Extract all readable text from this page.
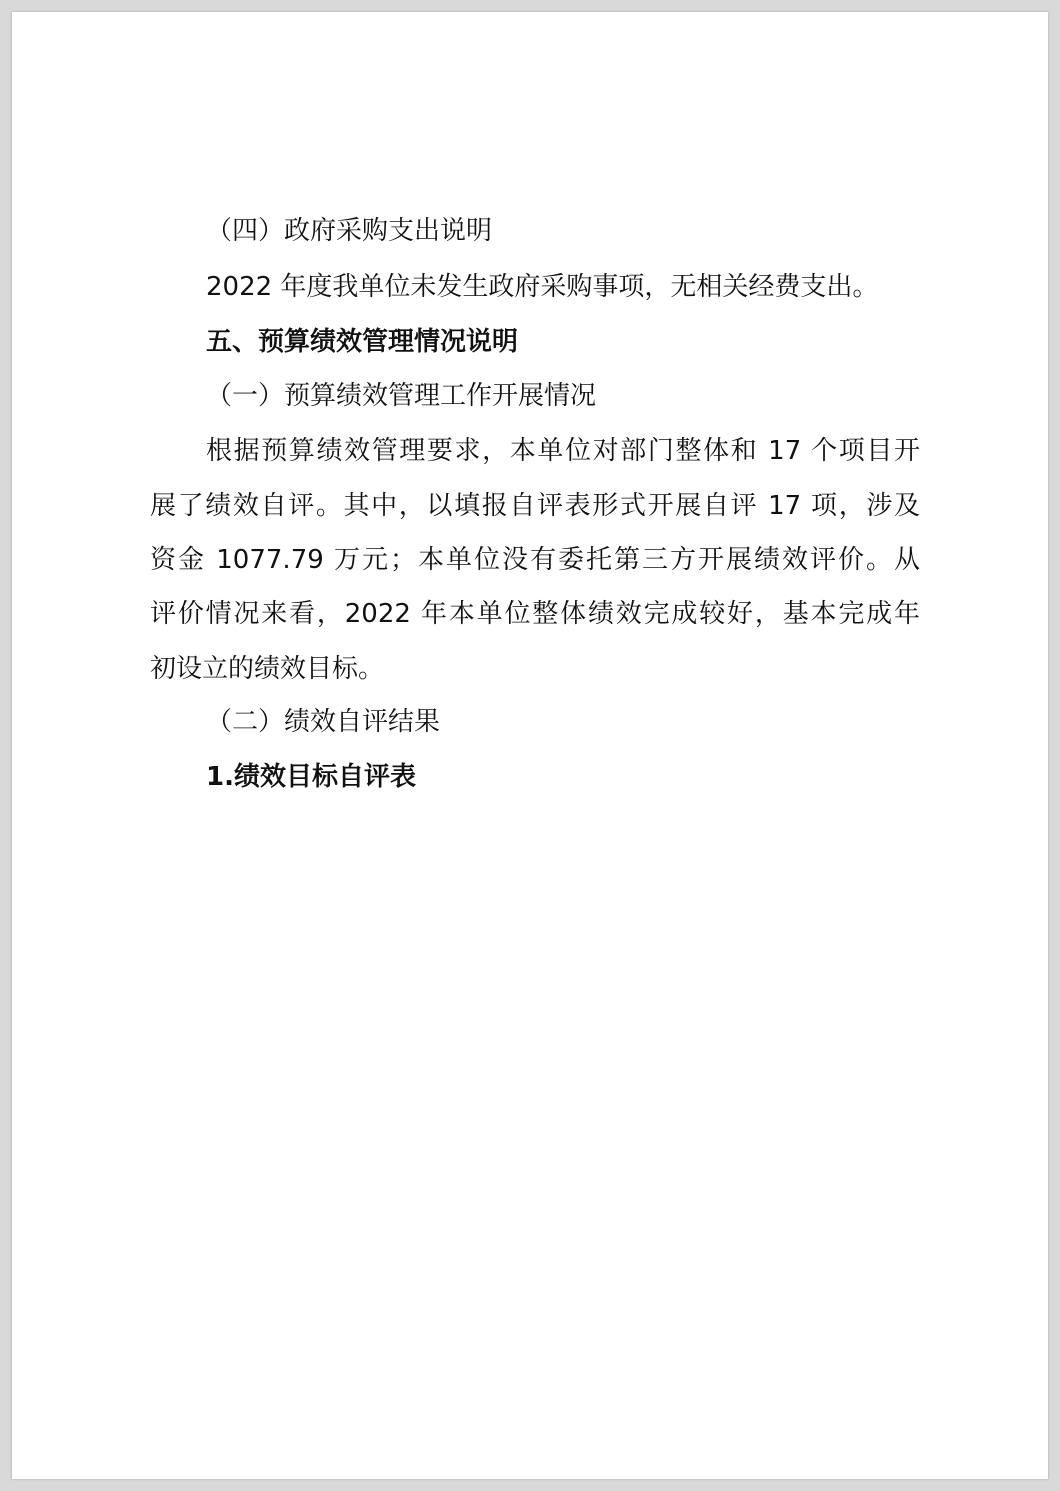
（四）政府采购支出说明
2022 年度我单位未发生政府采购事项，无相关经费支出。
五、预算绩效管理情况说明
（一）预算绩效管理工作开展情况
根据预算绩效管理要求，本单位对部门整体和 17 个项目开
展了绩效自评。其中，以填报自评表形式开展自评 17 项，涉及
资金 1077.79 万元；本单位没有委托第三方开展绩效评价。从
评价情况来看，2022 年本单位整体绩效完成较好，基本完成年
初设立的绩效目标。
（二）绩效自评结果
1.绩效目标自评表
